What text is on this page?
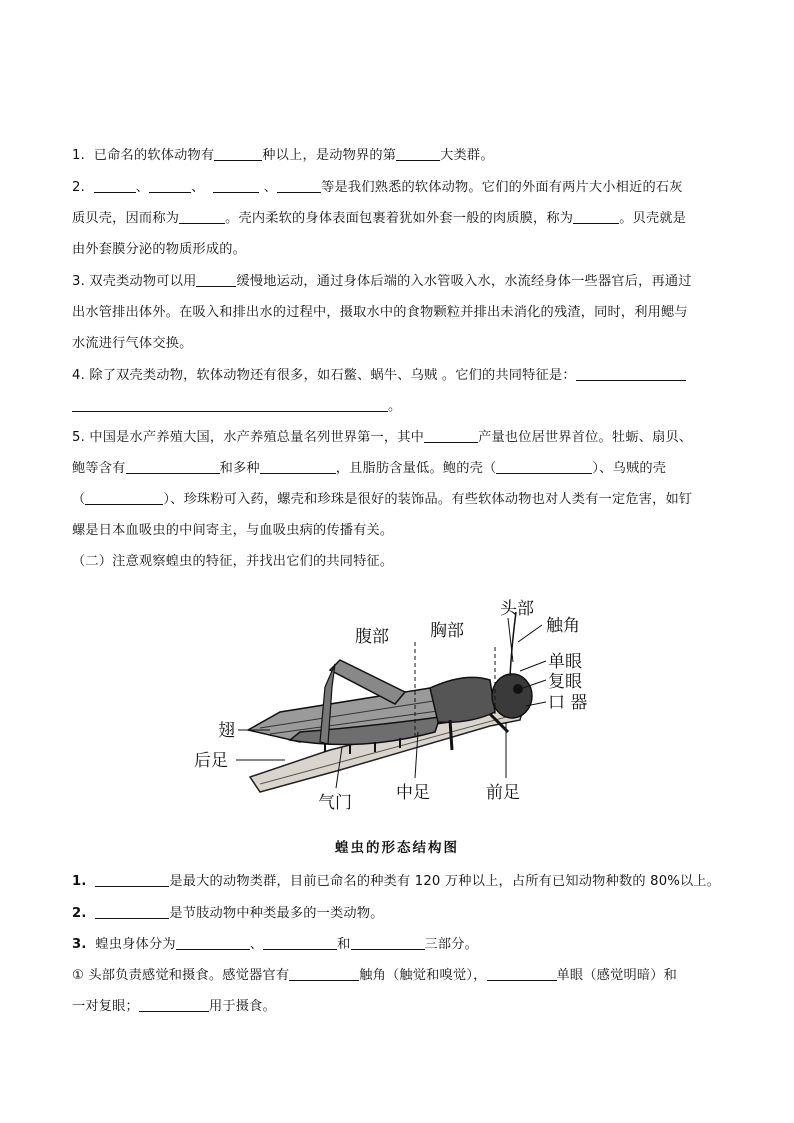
1. 已命名的软体动物有	种以上，是动物界的第	大类群。
2.	、	、	、	等是我们熟悉的软体动物。它们的外面有两片大小相近的石灰
质贝壳，因而称为	。壳内柔软的身体表面包裹着犹如外套一般的肉质膜，称为	。贝壳就是
由外套膜分泌的物质形成的。
3. 双壳类动物可以用	缓慢地运动，通过身体后端的入水管吸入水，水流经身体一些器官后，再通过
出水管排出体外。在吸入和排出水的过程中，摄取水中的食物颗粒并排出未消化的残渣，同时，利用鳃与
水流进行气体交换。
4. 除了双壳类动物，软体动物还有很多，如石鳖、蜗牛、乌贼 。它们的共同特征是：
。
5. 中国是水产养殖大国，水产养殖总量名列世界第一，其中	产量也位居世界首位。牡蛎、扇贝、
鲍等含有	和多种	，且脂肪含量低。鲍的壳（	）、乌贼的壳
（	）、珍珠粉可入药，螺壳和珍珠是很好的装饰品。有些软体动物也对人类有一定危害，如钉
螺是日本血吸虫的中间寄主，与血吸虫病的传播有关。
（二）注意观察蝗虫的特征，并找出它们的共同特征。
头部
触角
腹部 胸部
单眼
复眼
口 器
翅
后足
气门	中足	前足
蝗虫的形态结构图
1.	是最大的动物类群，目前已命名的种类有 120 万种以上，占所有已知动物种数的 80%以上。
2.	是节肢动物中种类最多的一类动物。
3. 蝗虫身体分为	、	和	三部分。
① 头部负责感觉和摄食。感觉器官有	触角（触觉和嗅觉），	单眼（感觉明暗）和
一对复眼；	用于摄食。
